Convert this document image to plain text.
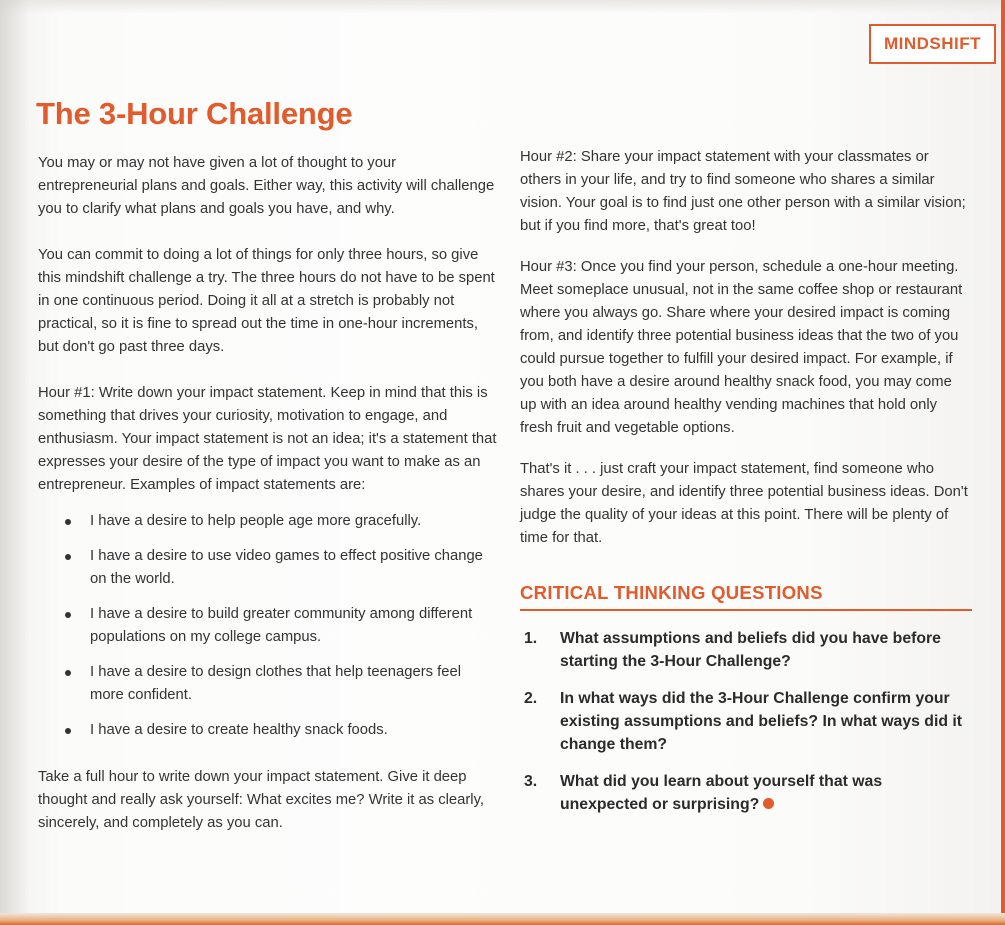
MINDSHIFT
The 3-Hour Challenge

You may or may not have given a lot of thought to your entrepreneurial plans and goals. Either way, this activity will challenge you to clarify what plans and goals you have, and why.

You can commit to doing a lot of things for only three hours, so give this mindshift challenge a try. The three hours do not have to be spent in one continuous period. Doing it all at a stretch is probably not practical, so it is fine to spread out the time in one-hour increments, but don't go past three days.

Hour #1: Write down your impact statement. Keep in mind that this is something that drives your curiosity, motivation to engage, and enthusiasm. Your impact statement is not an idea; it's a statement that expresses your desire of the type of impact you want to make as an entrepreneur. Examples of impact statements are:

I have a desire to help people age more gracefully.
I have a desire to use video games to effect positive change on the world.
I have a desire to build greater community among different populations on my college campus.
I have a desire to design clothes that help teenagers feel more confident.
I have a desire to create healthy snack foods.

Take a full hour to write down your impact statement. Give it deep thought and really ask yourself: What excites me? Write it as clearly, sincerely, and completely as you can.

Hour #2: Share your impact statement with your classmates or others in your life, and try to find someone who shares a similar vision. Your goal is to find just one other person with a similar vision; but if you find more, that's great too!

Hour #3: Once you find your person, schedule a one-hour meeting. Meet someplace unusual, not in the same coffee shop or restaurant where you always go. Share where your desired impact is coming from, and identify three potential business ideas that the two of you could pursue together to fulfill your desired impact. For example, if you both have a desire around healthy snack food, you may come up with an idea around healthy vending machines that hold only fresh fruit and vegetable options.

That's it . . . just craft your impact statement, find someone who shares your desire, and identify three potential business ideas. Don't judge the quality of your ideas at this point. There will be plenty of time for that.

CRITICAL THINKING QUESTIONS
1. What assumptions and beliefs did you have before starting the 3-Hour Challenge?
2. In what ways did the 3-Hour Challenge confirm your existing assumptions and beliefs? In what ways did it change them?
3. What did you learn about yourself that was unexpected or surprising?
